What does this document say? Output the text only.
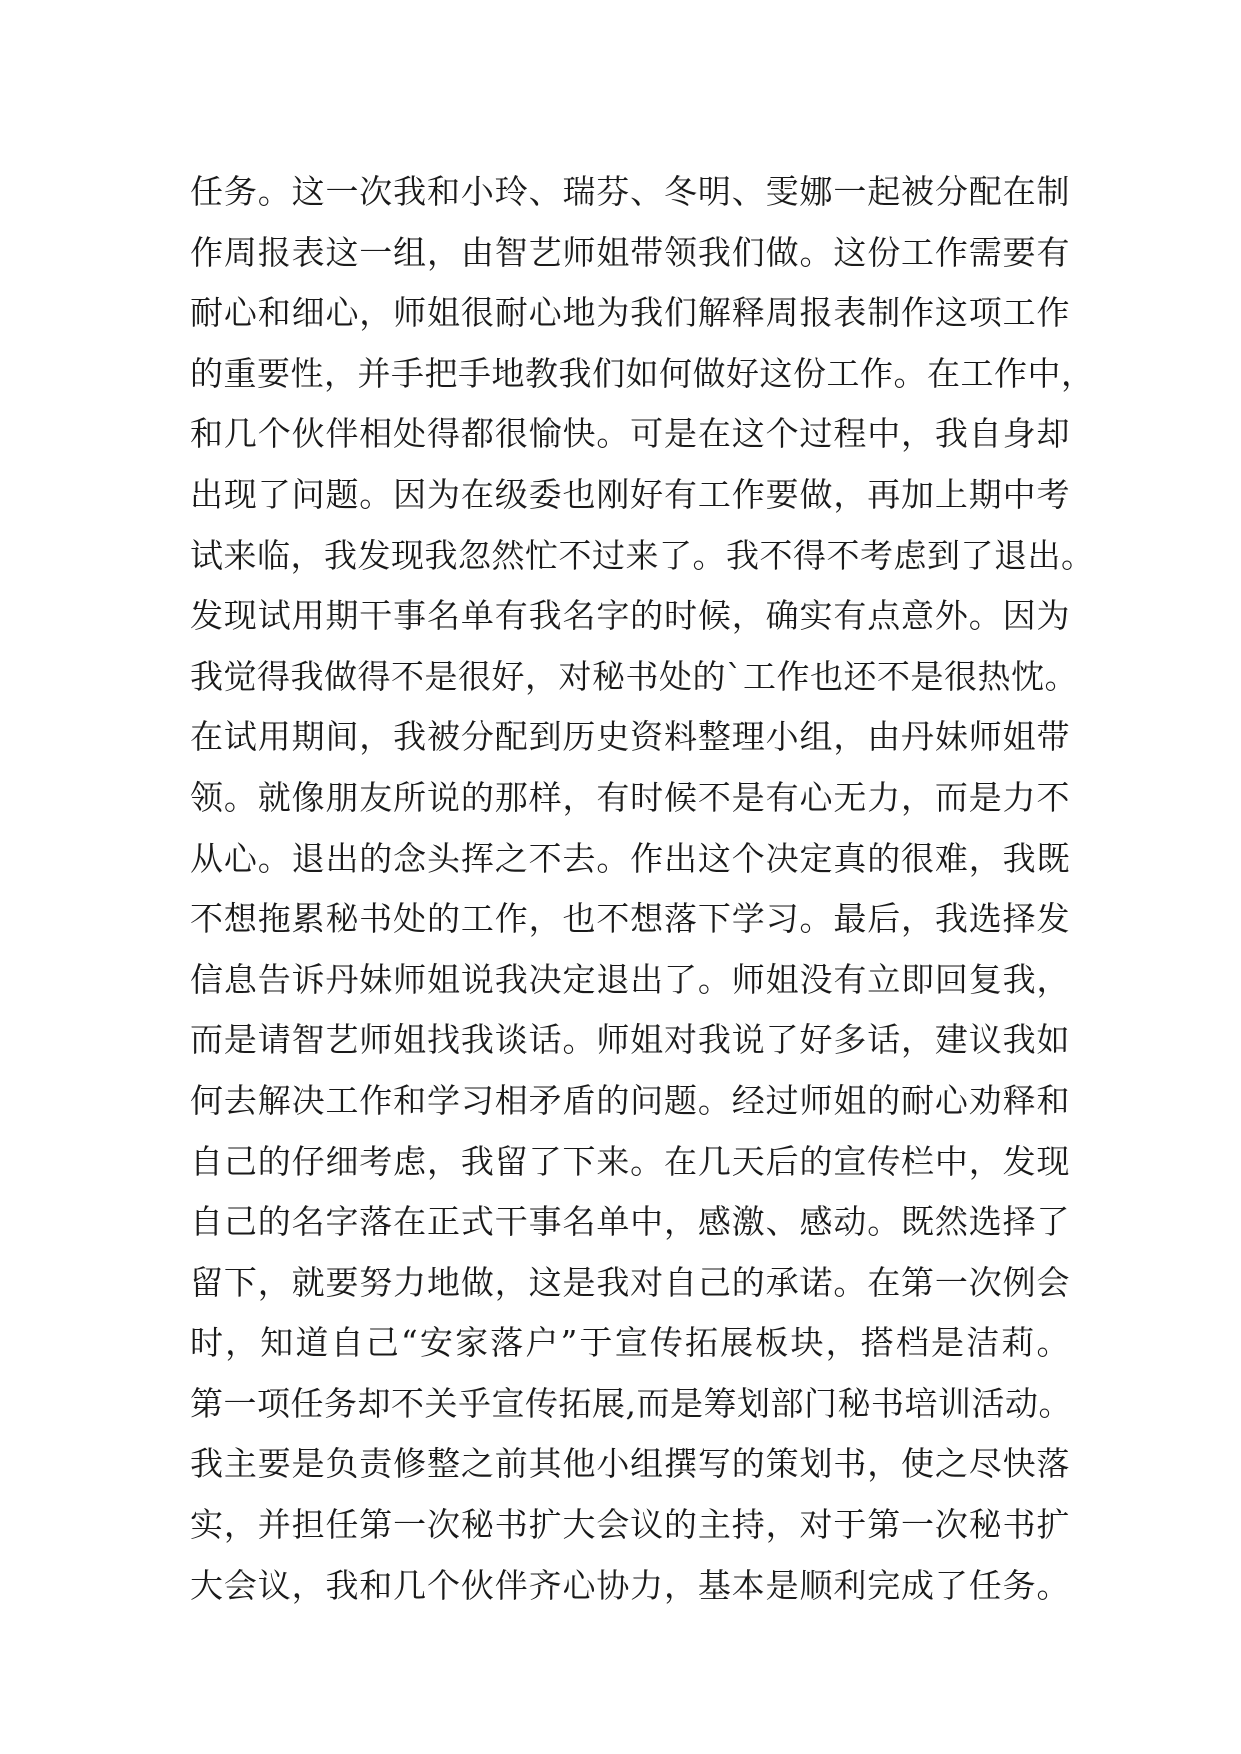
任务。这一次我和小玲、瑞芬、冬明、雯娜一起被分配在制
作周报表这一组，由智艺师姐带领我们做。这份工作需要有
耐心和细心，师姐很耐心地为我们解释周报表制作这项工作
的重要性，并手把手地教我们如何做好这份工作。在工作中，
和几个伙伴相处得都很愉快。可是在这个过程中，我自身却
出现了问题。因为在级委也刚好有工作要做，再加上期中考
试来临，我发现我忽然忙不过来了。我不得不考虑到了退出。
发现试用期干事名单有我名字的时候，确实有点意外。因为
我觉得我做得不是很好，对秘书处的`工作也还不是很热忱。
在试用期间，我被分配到历史资料整理小组，由丹妹师姐带
领。就像朋友所说的那样，有时候不是有心无力，而是力不
从心。退出的念头挥之不去。作出这个决定真的很难，我既
不想拖累秘书处的工作，也不想落下学习。最后，我选择发
信息告诉丹妹师姐说我决定退出了。师姐没有立即回复我，
而是请智艺师姐找我谈话。师姐对我说了好多话，建议我如
何去解决工作和学习相矛盾的问题。经过师姐的耐心劝释和
自己的仔细考虑，我留了下来。在几天后的宣传栏中，发现
自己的名字落在正式干事名单中，感激、感动。既然选择了
留下，就要努力地做，这是我对自己的承诺。在第一次例会
时，知道自己“安家落户”于宣传拓展板块，搭档是洁莉。
第一项任务却不关乎宣传拓展,而是筹划部门秘书培训活动。
我主要是负责修整之前其他小组撰写的策划书，使之尽快落
实，并担任第一次秘书扩大会议的主持，对于第一次秘书扩
大会议，我和几个伙伴齐心协力，基本是顺利完成了任务。
